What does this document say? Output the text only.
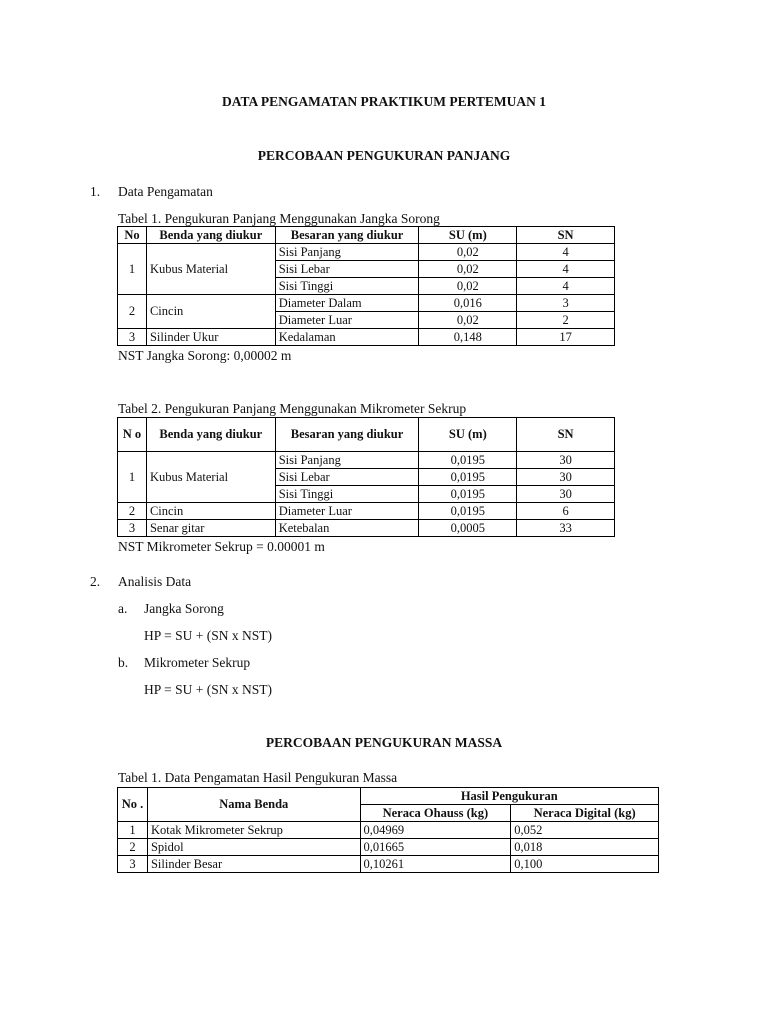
DATA PENGAMATAN PRAKTIKUM PERTEMUAN 1
PERCOBAAN PENGUKURAN PANJANG
1. Data Pengamatan
Tabel 1. Pengukuran Panjang Menggunakan Jangka Sorong
No	Benda yang diukur	Besaran yang diukur	SU (m)	SN
1	Kubus Material	Sisi Panjang	0,02	4
		Sisi Lebar	0,02	4
		Sisi Tinggi	0,02	4
2	Cincin	Diameter Dalam	0,016	3
		Diameter Luar	0,02	2
3	Silinder Ukur	Kedalaman	0,148	17
NST Jangka Sorong: 0,00002 m
Tabel 2. Pengukuran Panjang Menggunakan Mikrometer Sekrup
N o	Benda yang diukur	Besaran yang diukur	SU (m)	SN
1	Kubus Material	Sisi Panjang	0,0195	30
		Sisi Lebar	0,0195	30
		Sisi Tinggi	0,0195	30
2	Cincin	Diameter Luar	0,0195	6
3	Senar gitar	Ketebalan	0,0005	33
NST Mikrometer Sekrup = 0.00001 m
2. Analisis Data
a. Jangka Sorong
HP = SU + (SN x NST)
b. Mikrometer Sekrup
HP = SU + (SN x NST)
PERCOBAAN PENGUKURAN MASSA
Tabel 1. Data Pengamatan Hasil Pengukuran Massa
No .	Nama Benda	Hasil Pengukuran	
		Neraca Ohauss (kg)	Neraca Digital (kg)
1	Kotak Mikrometer Sekrup	0,04969	0,052
2	Spidol	0,01665	0,018
3	Silinder Besar	0,10261	0,100
